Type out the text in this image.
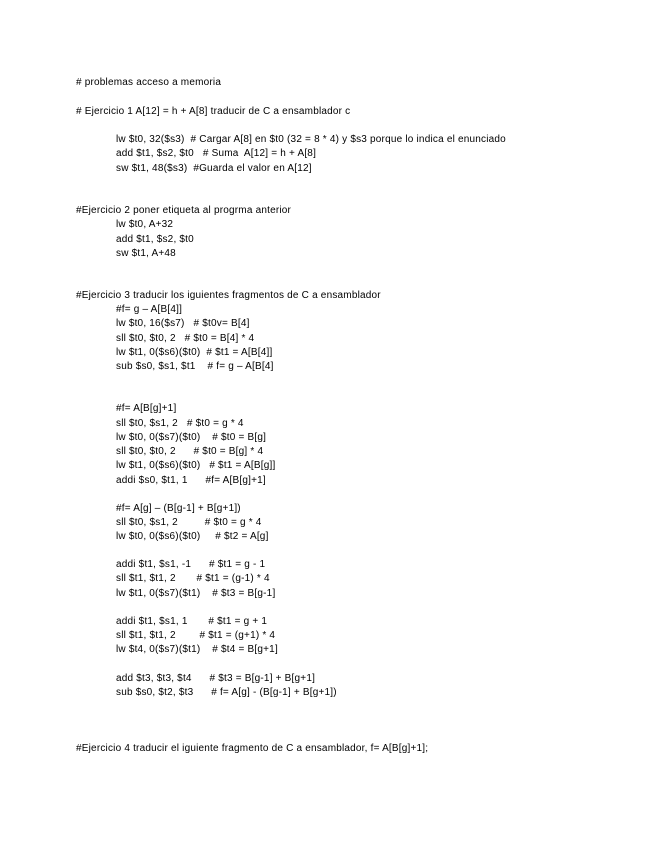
# problemas acceso a memoria
# Ejercicio 1 A[12] = h + A[8] traducir de C a ensamblador c
lw $t0, 32($s3)  # Cargar A[8] en $t0 (32 = 8 * 4) y $s3 porque lo indica el enunciado
add $t1, $s2, $t0   # Suma  A[12] = h + A[8]
sw $t1, 48($s3)  #Guarda el valor en A[12]
#Ejercicio 2 poner etiqueta al progrma anterior
lw $t0, A+32
add $t1, $s2, $t0
sw $t1, A+48
#Ejercicio 3 traducir los iguientes fragmentos de C a ensamblador
#f= g – A[B[4]]
lw $t0, 16($s7)   # $t0v= B[4]
sll $t0, $t0, 2   # $t0 = B[4] * 4
lw $t1, 0($s6)($t0)  # $t1 = A[B[4]]
sub $s0, $s1, $t1    # f= g – A[B[4]
#f= A[B[g]+1]
sll $t0, $s1, 2   # $t0 = g * 4
lw $t0, 0($s7)($t0)    # $t0 = B[g]
sll $t0, $t0, 2      # $t0 = B[g] * 4
lw $t1, 0($s6)($t0)   # $t1 = A[B[g]]
addi $s0, $t1, 1      #f= A[B[g]+1]
#f= A[g] – (B[g-1] + B[g+1])
sll $t0, $s1, 2         # $t0 = g * 4
lw $t0, 0($s6)($t0)     # $t2 = A[g]
addi $t1, $s1, -1      # $t1 = g - 1
sll $t1, $t1, 2       # $t1 = (g-1) * 4
lw $t1, 0($s7)($t1)    # $t3 = B[g-1]
addi $t1, $s1, 1       # $t1 = g + 1
sll $t1, $t1, 2        # $t1 = (g+1) * 4
lw $t4, 0($s7)($t1)    # $t4 = B[g+1]
add $t3, $t3, $t4      # $t3 = B[g-1] + B[g+1]
sub $s0, $t2, $t3      # f= A[g] - (B[g-1] + B[g+1])
#Ejercicio 4 traducir el iguiente fragmento de C a ensamblador, f= A[B[g]+1];
